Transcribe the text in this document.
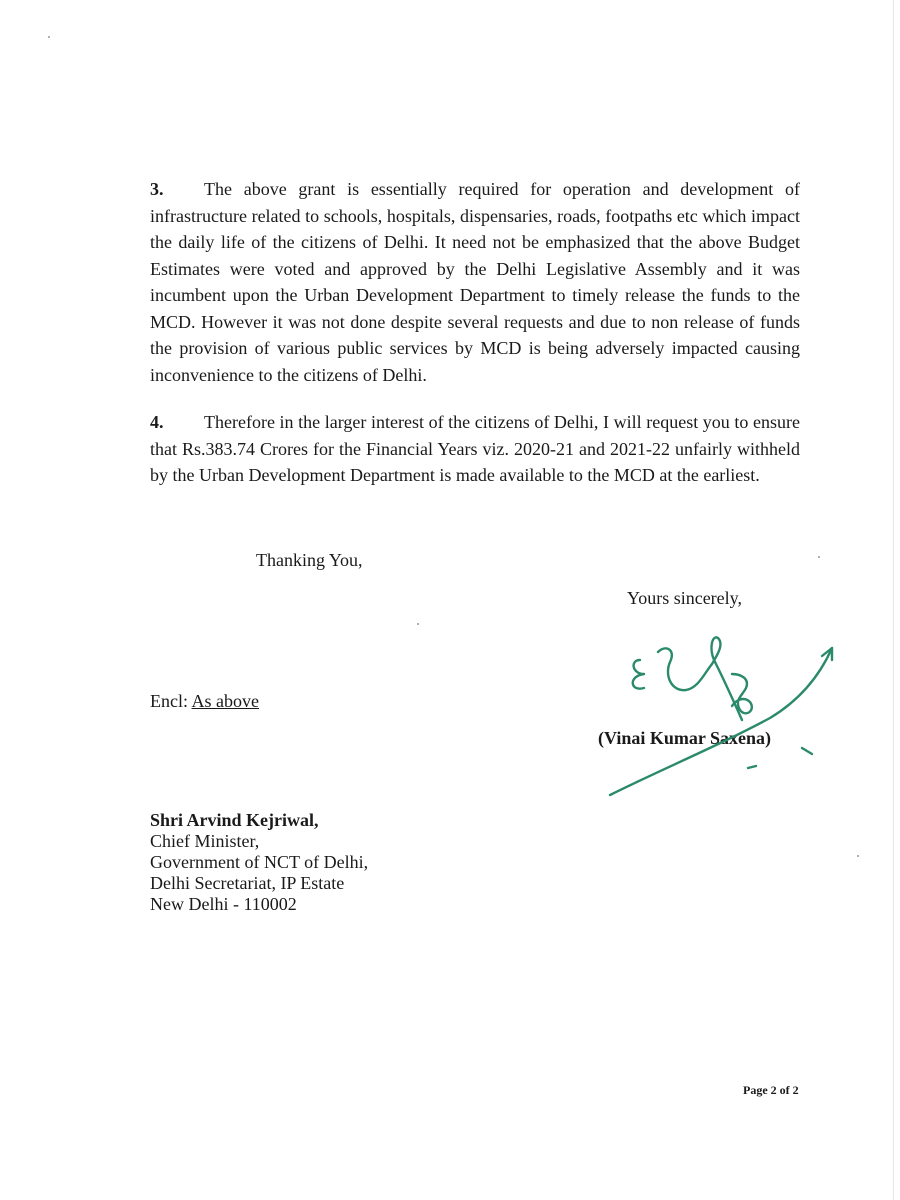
3. The above grant is essentially required for operation and development of infrastructure related to schools, hospitals, dispensaries, roads, footpaths etc which impact the daily life of the citizens of Delhi. It need not be emphasized that the above Budget Estimates were voted and approved by the Delhi Legislative Assembly and it was incumbent upon the Urban Development Department to timely release the funds to the MCD. However it was not done despite several requests and due to non release of funds the provision of various public services by MCD is being adversely impacted causing inconvenience to the citizens of Delhi.

4. Therefore in the larger interest of the citizens of Delhi, I will request you to ensure that Rs.383.74 Crores for the Financial Years viz. 2020-21 and 2021-22 unfairly withheld by the Urban Development Department is made available to the MCD at the earliest.

Thanking You,
Yours sincerely,
Encl: As above
(Vinai Kumar Saxena)
Shri Arvind Kejriwal,
Chief Minister,
Government of NCT of Delhi,
Delhi Secretariat, IP Estate
New Delhi - 110002
Page 2 of 2
